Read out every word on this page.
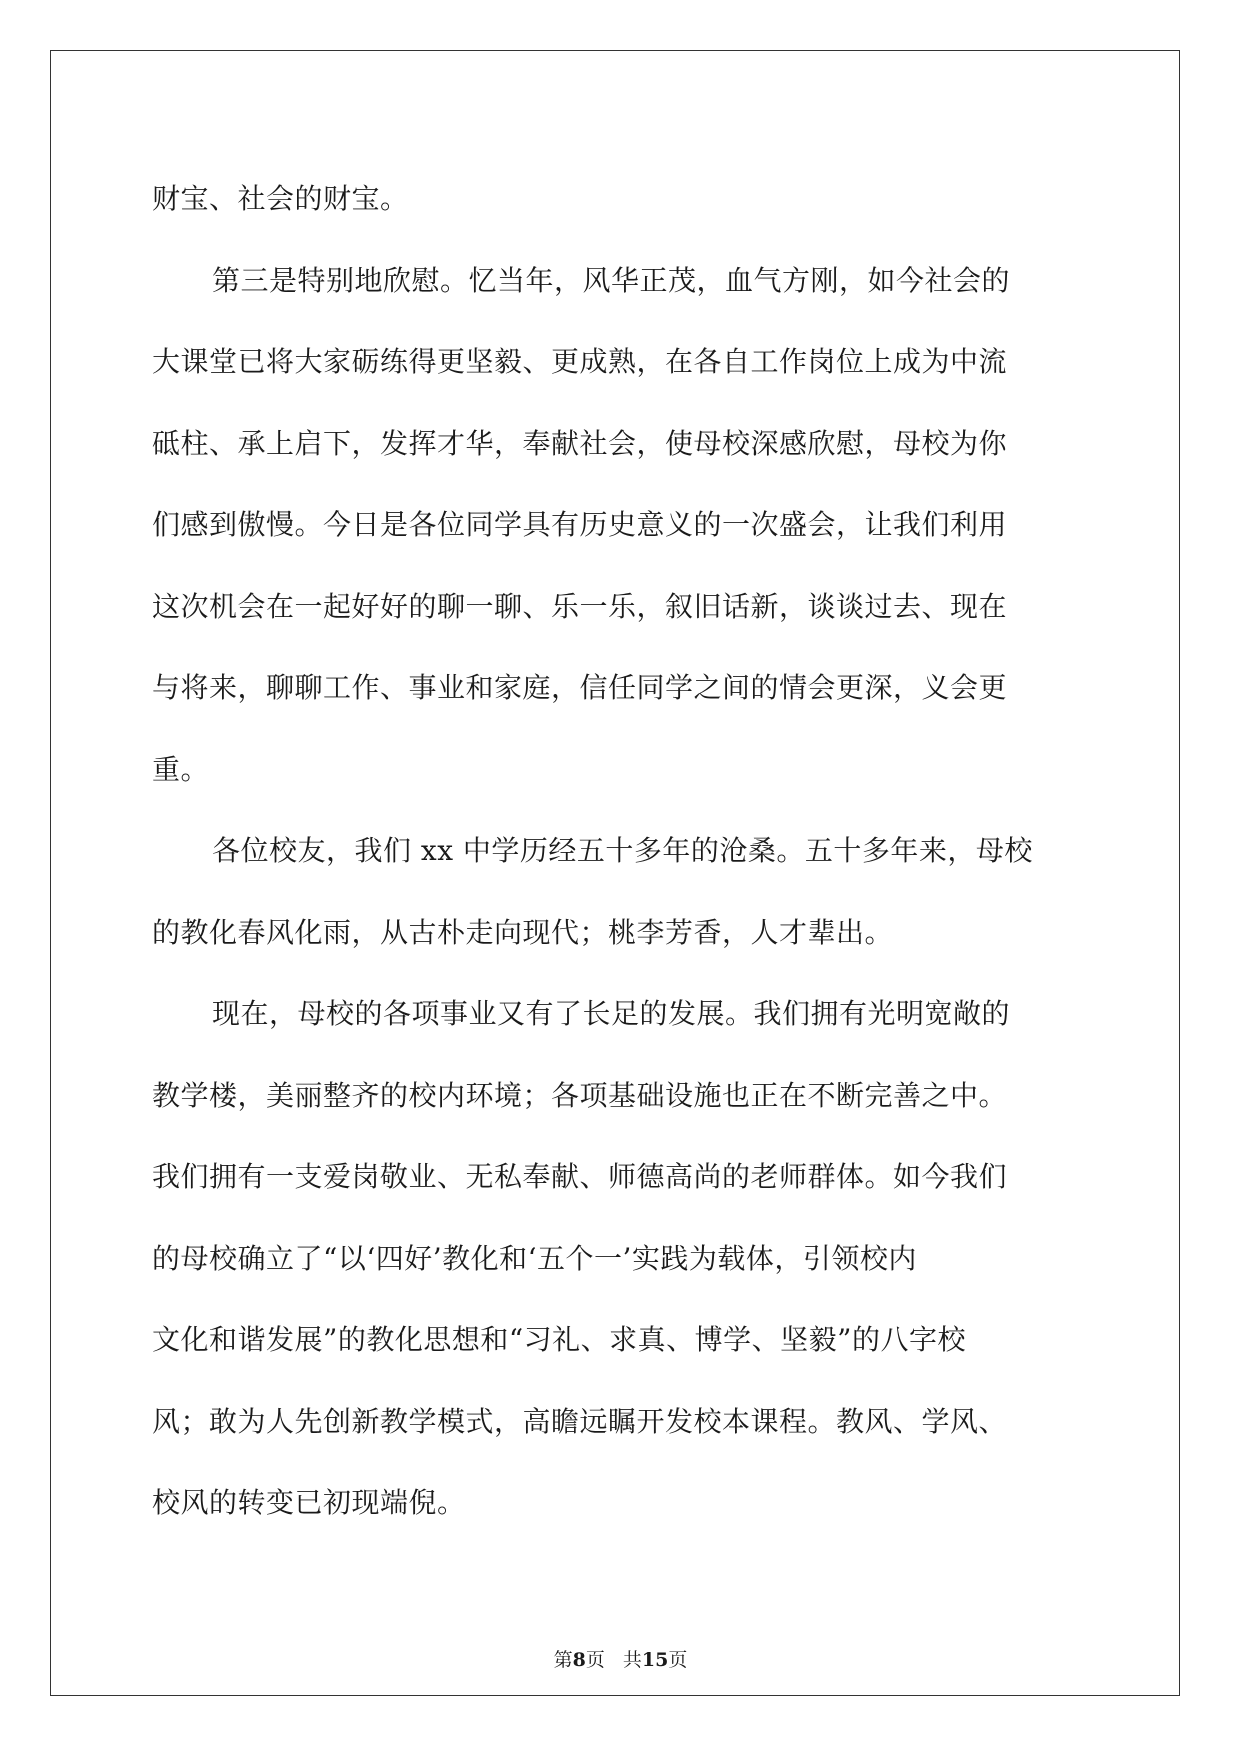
财宝、社会的财宝。
第三是特别地欣慰。忆当年，风华正茂，血气方刚，如今社会的
大课堂已将大家砺练得更坚毅、更成熟，在各自工作岗位上成为中流
砥柱、承上启下，发挥才华，奉献社会，使母校深感欣慰，母校为你
们感到傲慢。今日是各位同学具有历史意义的一次盛会，让我们利用
这次机会在一起好好的聊一聊、乐一乐，叙旧话新，谈谈过去、现在
与将来，聊聊工作、事业和家庭，信任同学之间的情会更深，义会更
重。
各位校友，我们 xx 中学历经五十多年的沧桑。五十多年来，母校
的教化春风化雨，从古朴走向现代；桃李芳香，人才辈出。
现在，母校的各项事业又有了长足的发展。我们拥有光明宽敞的
教学楼，美丽整齐的校内环境；各项基础设施也正在不断完善之中。
我们拥有一支爱岗敬业、无私奉献、师德高尚的老师群体。如今我们
的母校确立了“以‘四好’教化和‘五个一’实践为载体，引领校内
文化和谐发展”的教化思想和“习礼、求真、博学、坚毅”的八字校
风；敢为人先创新教学模式，高瞻远瞩开发校本课程。教风、学风、
校风的转变已初现端倪。
第8页 共15页
